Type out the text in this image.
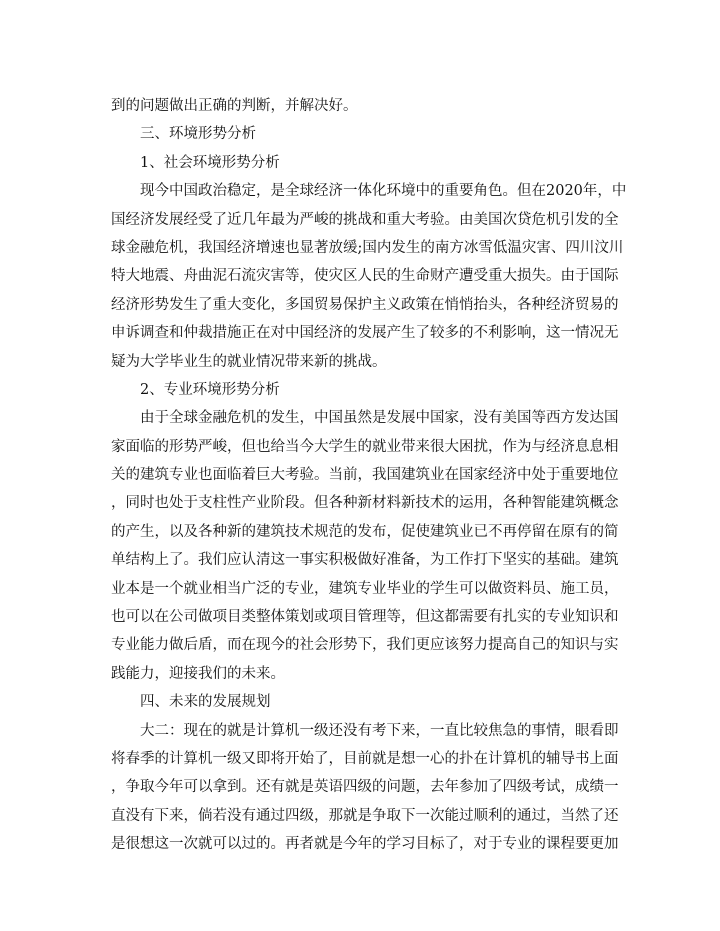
到的问题做出正确的判断，并解决好。
三、环境形势分析
1、社会环境形势分析
现今中国政治稳定，是全球经济一体化环境中的重要角色。但在2020年，中
国经济发展经受了近几年最为严峻的挑战和重大考验。由美国次贷危机引发的全
球金融危机，我国经济增速也显著放缓;国内发生的南方冰雪低温灾害、四川汶川
特大地震、舟曲泥石流灾害等，使灾区人民的生命财产遭受重大损失。由于国际
经济形势发生了重大变化，多国贸易保护主义政策在悄悄抬头，各种经济贸易的
申诉调查和仲裁措施正在对中国经济的发展产生了较多的不利影响，这一情况无
疑为大学毕业生的就业情况带来新的挑战。
2、专业环境形势分析
由于全球金融危机的发生，中国虽然是发展中国家，没有美国等西方发达国
家面临的形势严峻，但也给当今大学生的就业带来很大困扰，作为与经济息息相
关的建筑专业也面临着巨大考验。当前，我国建筑业在国家经济中处于重要地位
，同时也处于支柱性产业阶段。但各种新材料新技术的运用，各种智能建筑概念
的产生，以及各种新的建筑技术规范的发布，促使建筑业已不再停留在原有的简
单结构上了。我们应认清这一事实积极做好准备，为工作打下坚实的基础。建筑
业本是一个就业相当广泛的专业，建筑专业毕业的学生可以做资料员、施工员，
也可以在公司做项目类整体策划或项目管理等，但这都需要有扎实的专业知识和
专业能力做后盾，而在现今的社会形势下，我们更应该努力提高自己的知识与实
践能力，迎接我们的未来。
四、未来的发展规划
大二：现在的就是计算机一级还没有考下来，一直比较焦急的事情，眼看即
将春季的计算机一级又即将开始了，目前就是想一心的扑在计算机的辅导书上面
，争取今年可以拿到。还有就是英语四级的问题，去年参加了四级考试，成绩一
直没有下来，倘若没有通过四级，那就是争取下一次能过顺利的通过，当然了还
是很想这一次就可以过的。再者就是今年的学习目标了，对于专业的课程要更加
